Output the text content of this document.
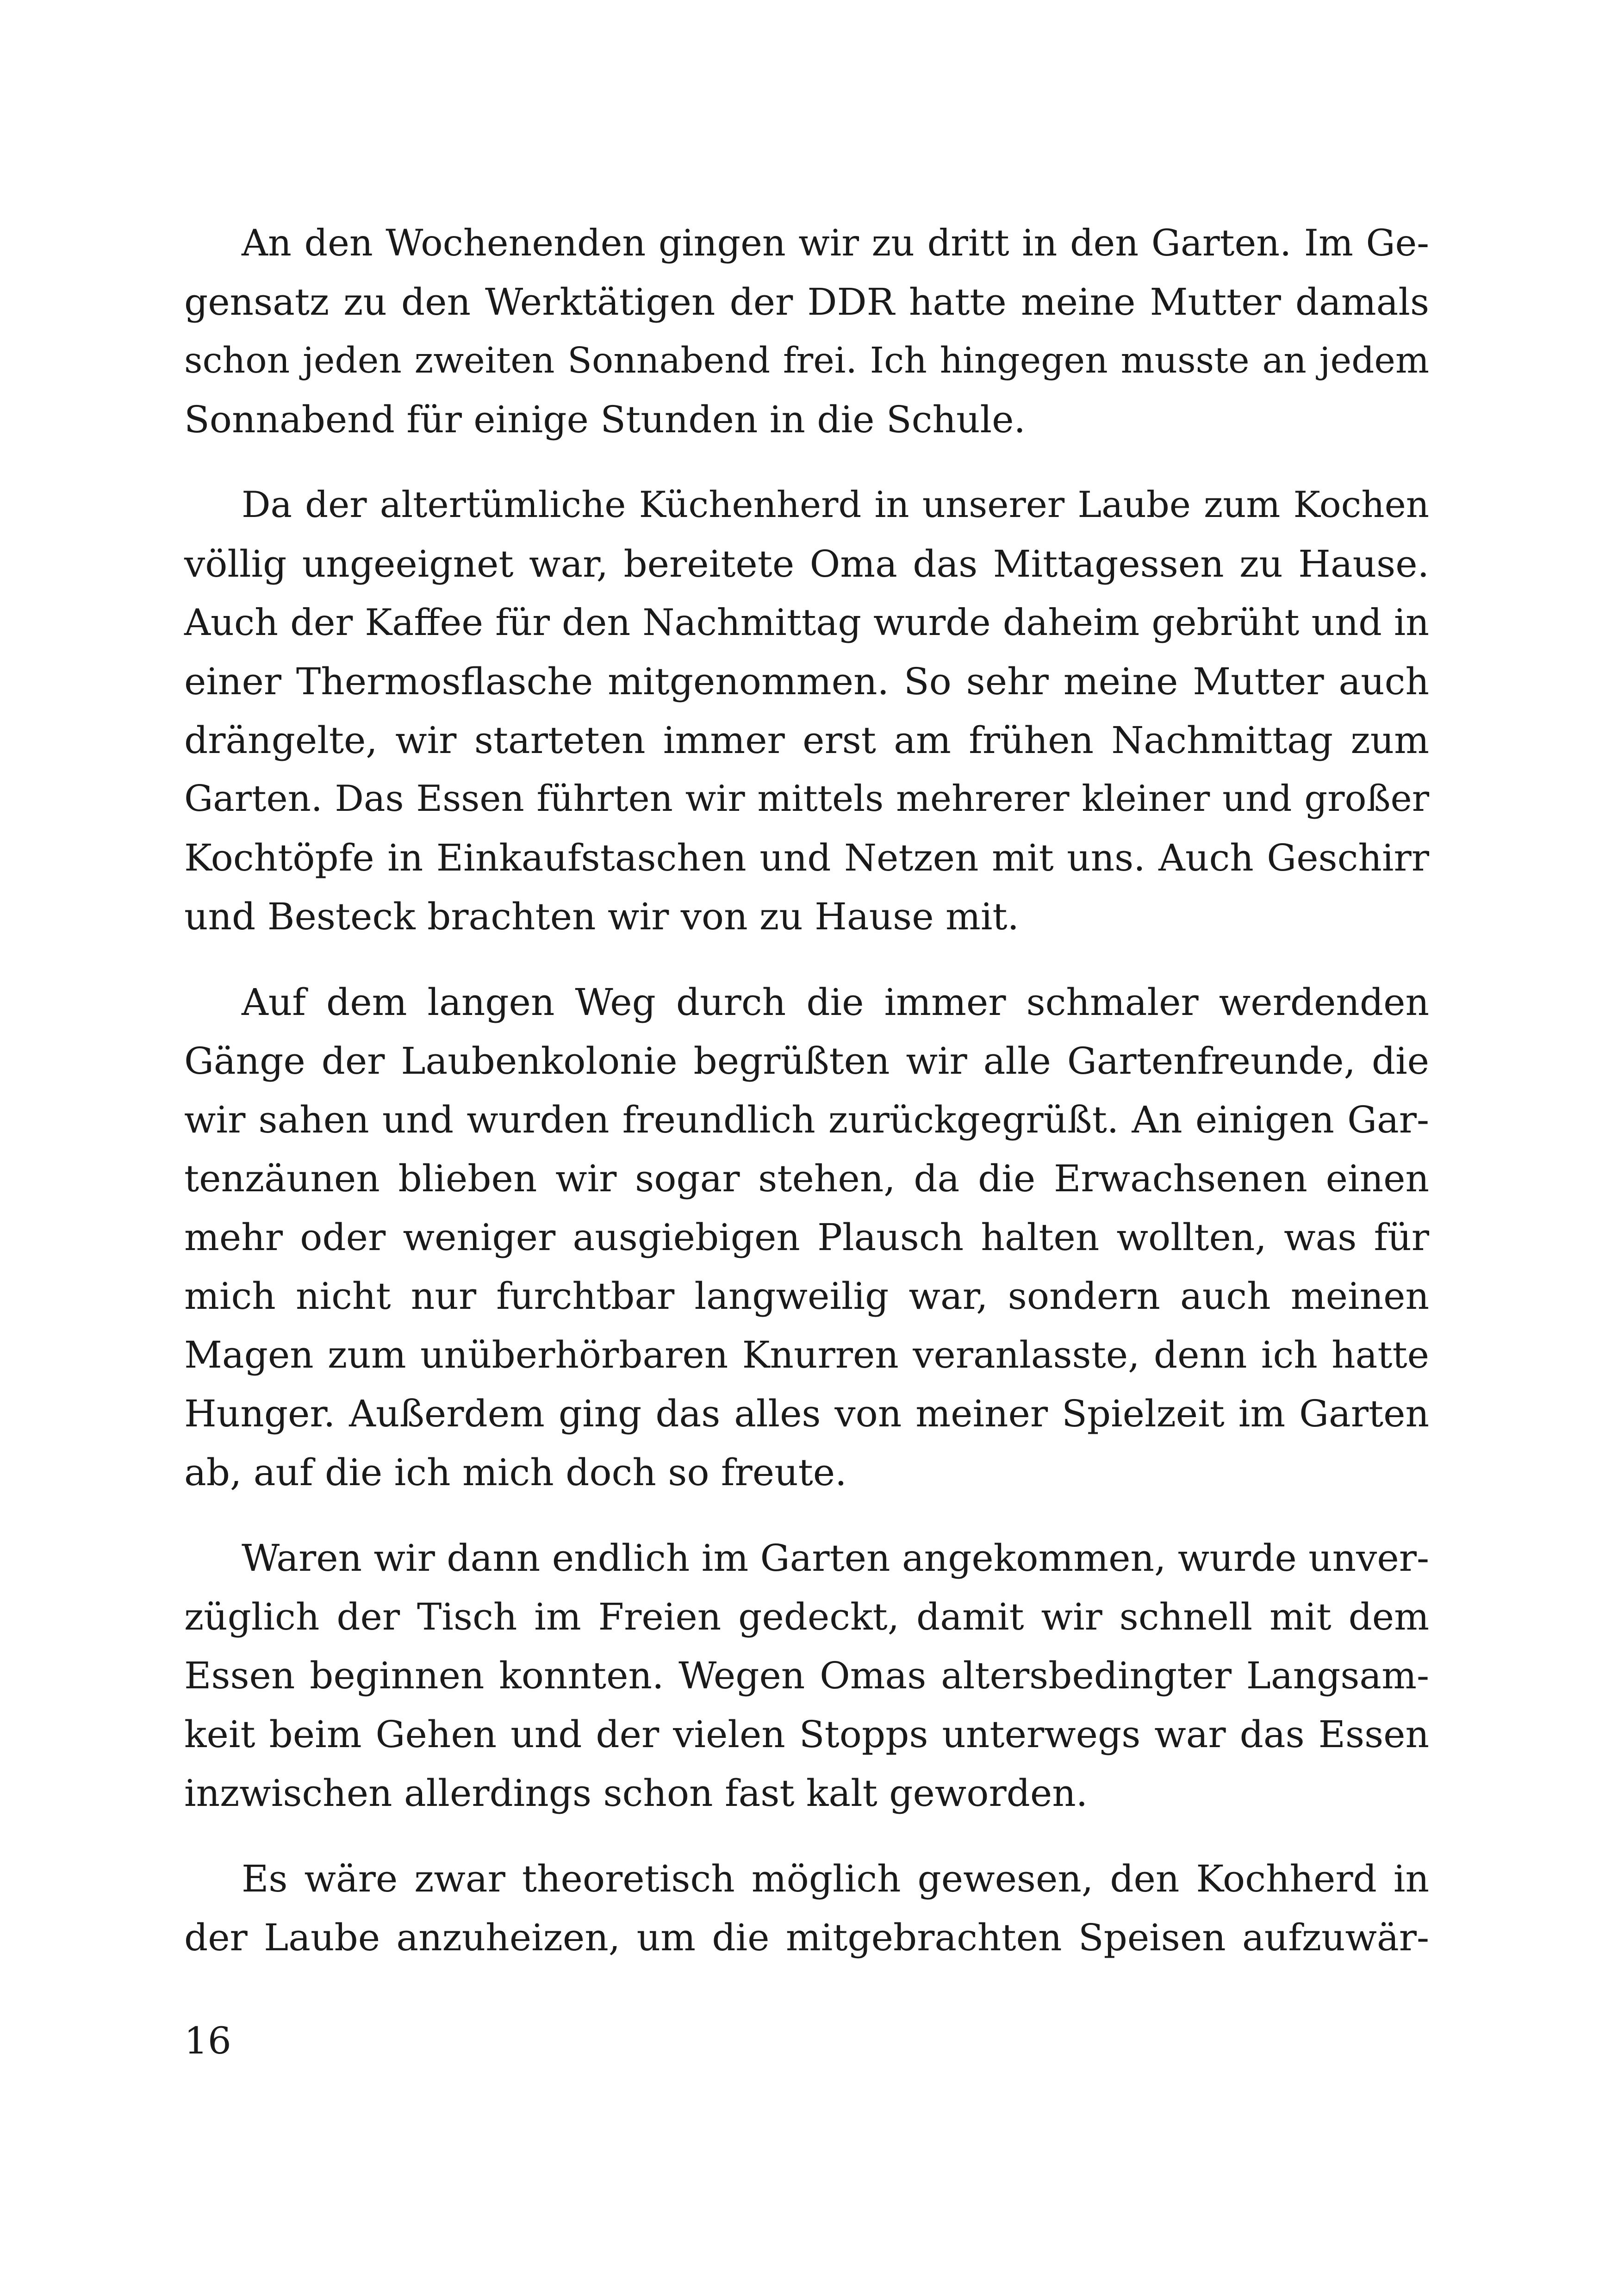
An den Wochenenden gingen wir zu dritt in den Garten. Im Ge-
gensatz zu den Werktätigen der DDR hatte meine Mutter damals
schon jeden zweiten Sonnabend frei. Ich hingegen musste an jedem
Sonnabend für einige Stunden in die Schule.
Da der altertümliche Küchenherd in unserer Laube zum Kochen
völlig ungeeignet war, bereitete Oma das Mittagessen zu Hause.
Auch der Kaffee für den Nachmittag wurde daheim gebrüht und in
einer Thermosflasche mitgenommen. So sehr meine Mutter auch
drängelte, wir starteten immer erst am frühen Nachmittag zum
Garten. Das Essen führten wir mittels mehrerer kleiner und großer
Kochtöpfe in Einkaufstaschen und Netzen mit uns. Auch Geschirr
und Besteck brachten wir von zu Hause mit.
Auf dem langen Weg durch die immer schmaler werdenden
Gänge der Laubenkolonie begrüßten wir alle Gartenfreunde, die
wir sahen und wurden freundlich zurückgegrüßt. An einigen Gar-
tenzäunen blieben wir sogar stehen, da die Erwachsenen einen
mehr oder weniger ausgiebigen Plausch halten wollten, was für
mich nicht nur furchtbar langweilig war, sondern auch meinen
Magen zum unüberhörbaren Knurren veranlasste, denn ich hatte
Hunger. Außerdem ging das alles von meiner Spielzeit im Garten
ab, auf die ich mich doch so freute.
Waren wir dann endlich im Garten angekommen, wurde unver-
züglich der Tisch im Freien gedeckt, damit wir schnell mit dem
Essen beginnen konnten. Wegen Omas altersbedingter Langsam-
keit beim Gehen und der vielen Stopps unterwegs war das Essen
inzwischen allerdings schon fast kalt geworden.
Es wäre zwar theoretisch möglich gewesen, den Kochherd in
der Laube anzuheizen, um die mitgebrachten Speisen aufzuwär-
16
